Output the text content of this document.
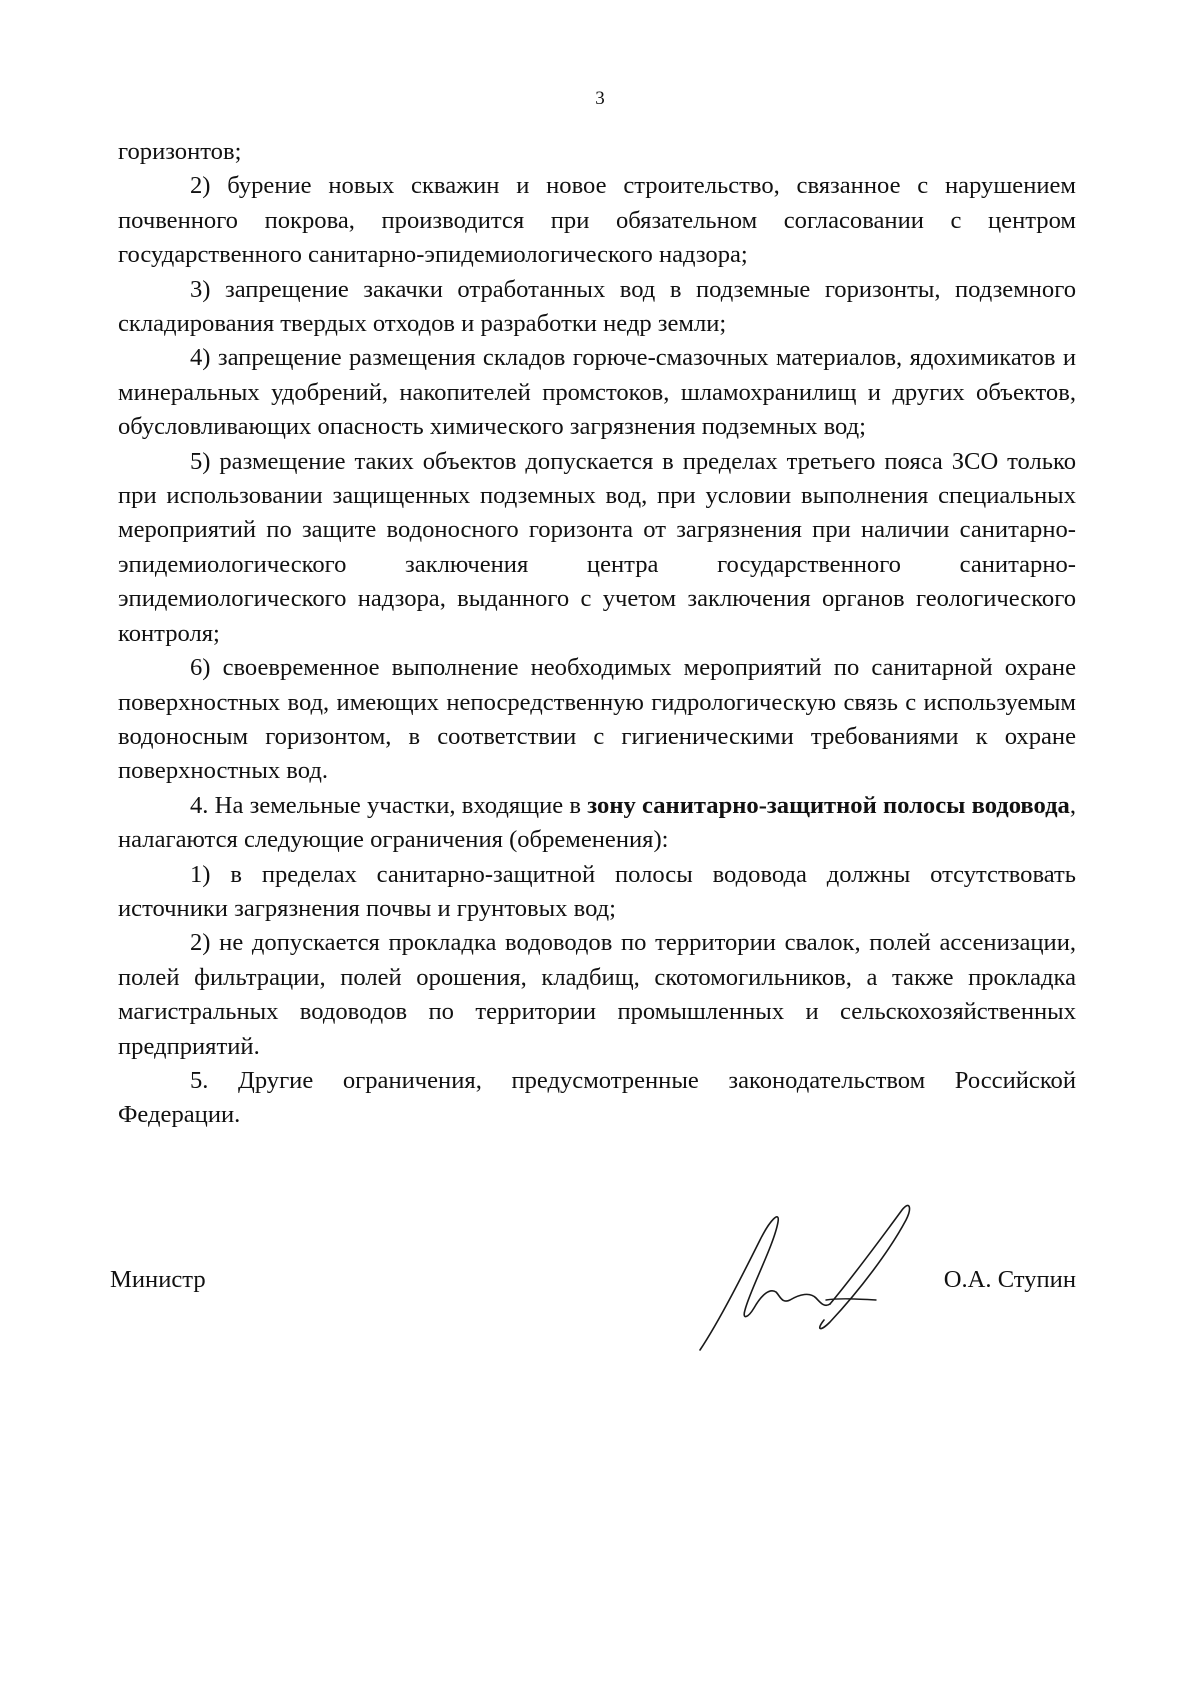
3

горизонтов;

2) бурение новых скважин и новое строительство, связанное с нарушением почвенного покрова, производится при обязательном согласовании с центром государственного санитарно-эпидемиологического надзора;

3) запрещение закачки отработанных вод в подземные горизонты, подземного складирования твердых отходов и разработки недр земли;

4) запрещение размещения складов горюче-смазочных материалов, ядохимикатов и минеральных удобрений, накопителей промстоков, шламохранилищ и других объектов, обусловливающих опасность химического загрязнения подземных вод;

5) размещение таких объектов допускается в пределах третьего пояса ЗСО только при использовании защищенных подземных вод, при условии выполнения специальных мероприятий по защите водоносного горизонта от загрязнения при наличии санитарно-эпидемиологического заключения центра государственного санитарно-эпидемиологического надзора, выданного с учетом заключения органов геологического контроля;

6) своевременное выполнение необходимых мероприятий по санитарной охране поверхностных вод, имеющих непосредственную гидрологическую связь с используемым водоносным горизонтом, в соответствии с гигиеническими требованиями к охране поверхностных вод.

4. На земельные участки, входящие в зону санитарно-защитной полосы водовода, налагаются следующие ограничения (обременения):

1) в пределах санитарно-защитной полосы водовода должны отсутствовать источники загрязнения почвы и грунтовых вод;

2) не допускается прокладка водоводов по территории свалок, полей ассенизации, полей фильтрации, полей орошения, кладбищ, скотомогильников, а также прокладка магистральных водоводов по территории промышленных и сельскохозяйственных предприятий.

5. Другие ограничения, предусмотренные законодательством Российской Федерации.

Министр	О.А. Ступин
